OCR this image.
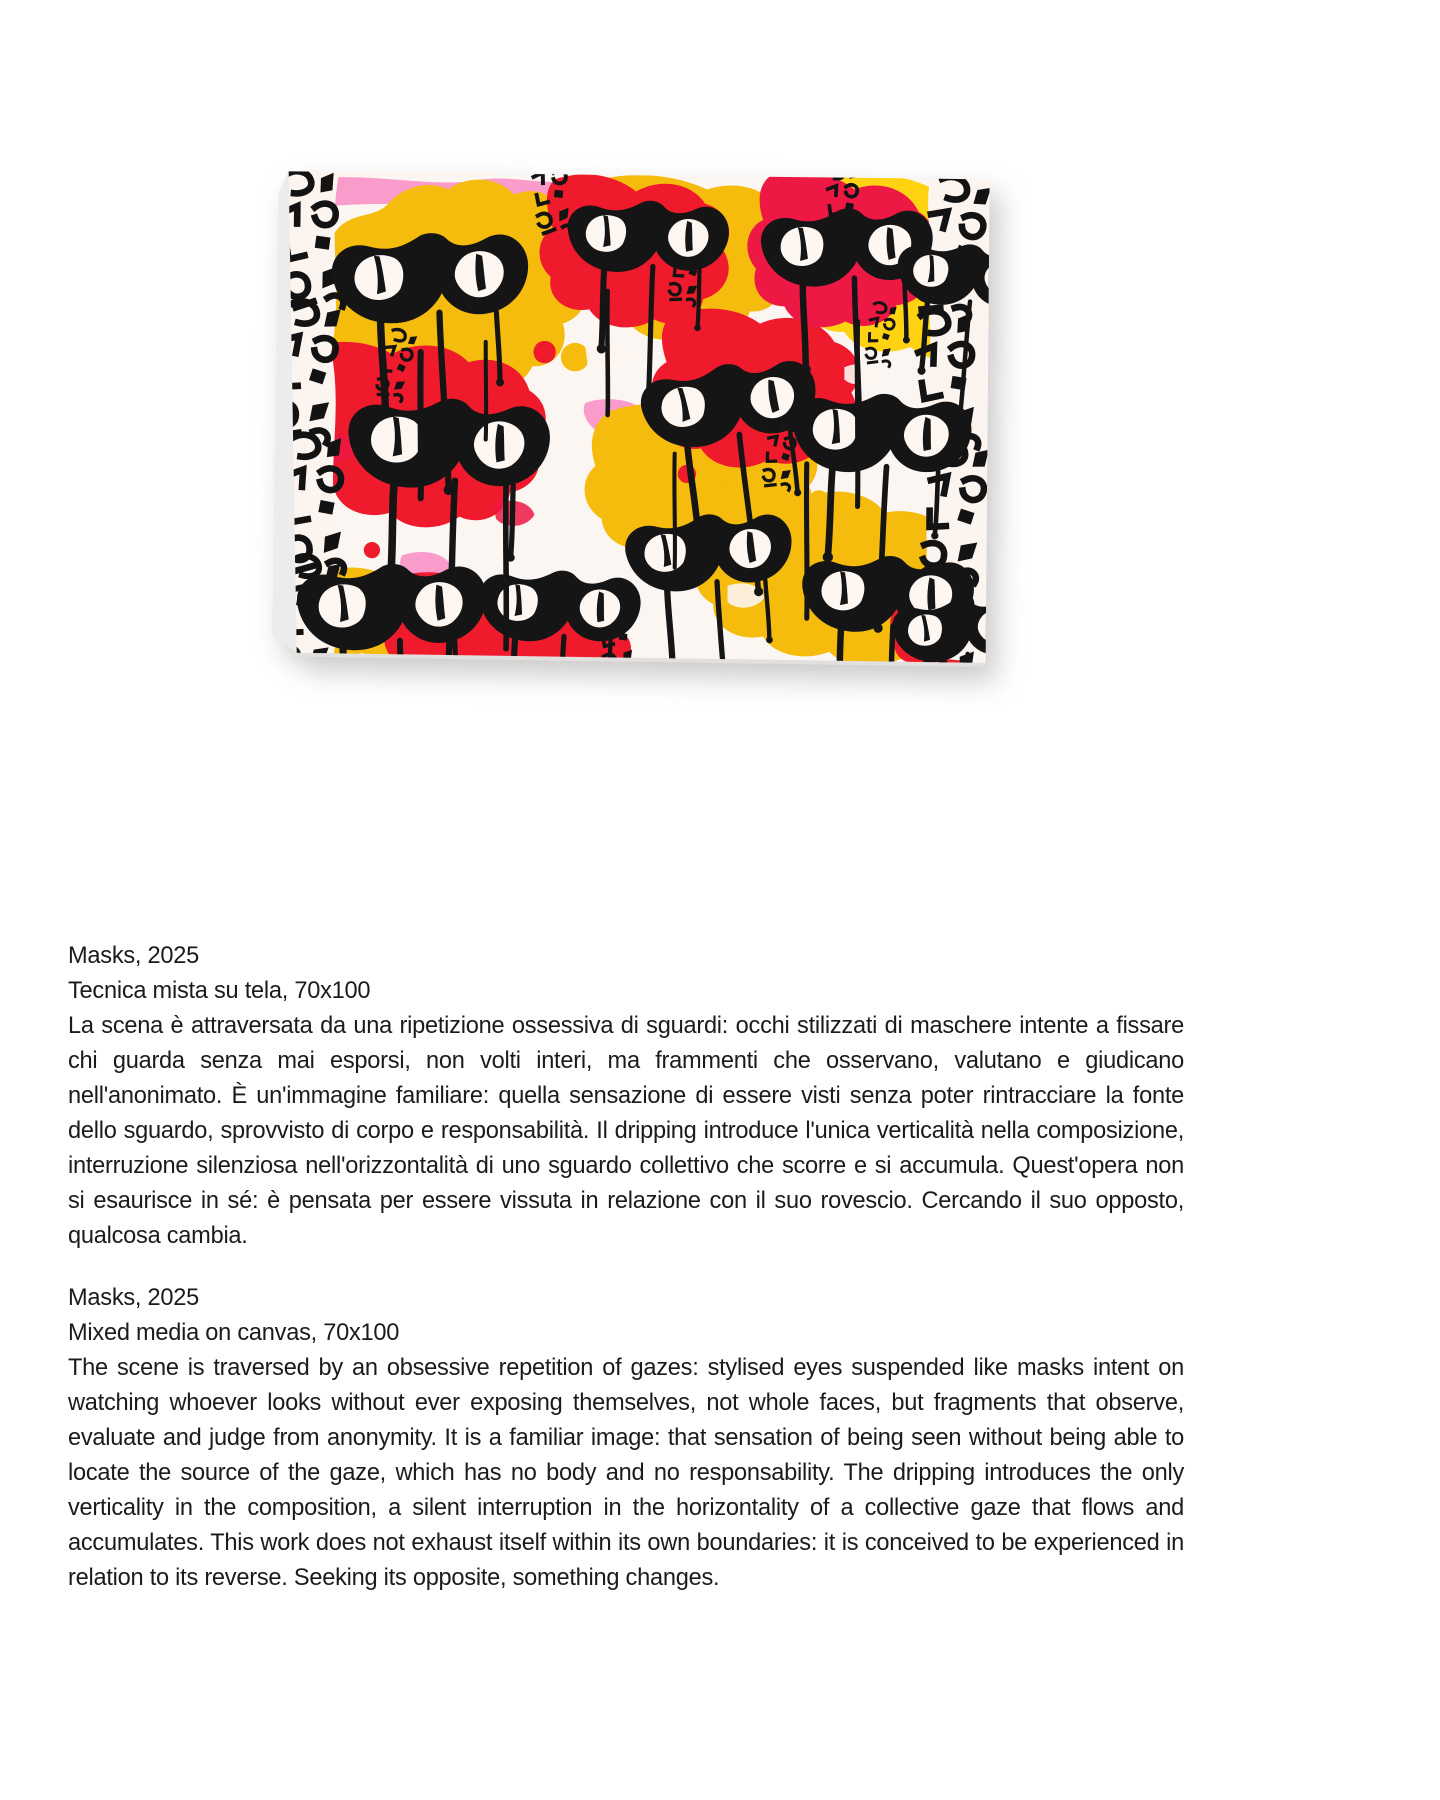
Masks, 2025
Tecnica mista su tela, 70x100

La scena è attraversata da una ripetizione ossessiva di sguardi: occhi stilizzati di maschere intente a fissare chi guarda senza mai esporsi, non volti interi, ma frammenti che osservano, valutano e giudicano nell'anonimato. È un'immagine familiare: quella sensazione di essere visti senza poter rintracciare la fonte dello sguardo, sprovvisto di corpo e responsabilità. Il dripping introduce l'unica verticalità nella composizione, interruzione silenziosa nell'orizzontalità di uno sguardo collettivo che scorre e si accumula. Quest'opera non si esaurisce in sé: è pensata per essere vissuta in relazione con il suo rovescio. Cercando il suo opposto, qualcosa cambia.

Masks, 2025
Mixed media on canvas, 70x100

The scene is traversed by an obsessive repetition of gazes: stylised eyes suspended like masks intent on watching whoever looks without ever exposing themselves, not whole faces, but fragments that observe, evaluate and judge from anonymity. It is a familiar image: that sensation of being seen without being able to locate the source of the gaze, which has no body and no responsability. The dripping introduces the only verticality in the composition, a silent interruption in the horizontality of a collective gaze that flows and accumulates. This work does not exhaust itself within its own boundaries: it is conceived to be experienced in relation to its reverse. Seeking its opposite, something changes.
